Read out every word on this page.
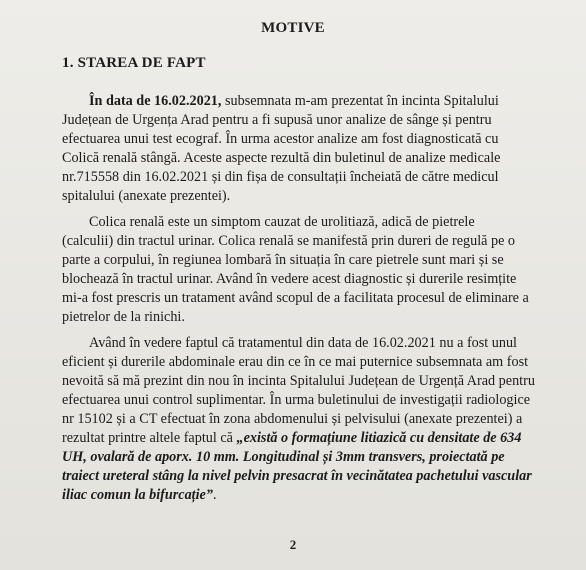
MOTIVE
1. STAREA DE FAPT
În data de 16.02.2021, subsemnata m-am prezentat în incinta Spitalului
Județean de Urgența Arad pentru a fi supusă unor analize de sânge și pentru
efectuarea unui test ecograf. În urma acestor analize am fost diagnosticată cu
Colică renală stângă. Aceste aspecte rezultă din buletinul de analize medicale
nr.715558 din 16.02.2021 și din fișa de consultații încheiată de către medicul
spitalului (anexate prezentei).
Colica renală este un simptom cauzat de urolitiază, adică de pietrele
(calculii) din tractul urinar. Colica renală se manifestă prin dureri de regulă pe o
parte a corpului, în regiunea lombară în situația în care pietrele sunt mari și se
blochează în tractul urinar. Având în vedere acest diagnostic și durerile resimțite
mi-a fost prescris un tratament având scopul de a facilitata procesul de eliminare a
pietrelor de la rinichi.
Având în vedere faptul că tratamentul din data de 16.02.2021 nu a fost unul
eficient și durerile abdominale erau din ce în ce mai puternice subsemnata am fost
nevoită să mă prezint din nou în incinta Spitalului Județean de Urgență Arad pentru
efectuarea unui control suplimentar. În urma buletinului de investigații radiologice
nr 15102 și a CT efectuat în zona abdomenului și pelvisului (anexate prezentei) a
rezultat printre altele faptul că „există o formațiune litiazică cu densitate de 634
UH, ovalară de aporx. 10 mm. Longitudinal și 3mm transvers, proiectată pe
traiect ureteral stâng la nivel pelvin presacrat în vecinătatea pachetului vascular
iliac comun la bifurcație”.
2
